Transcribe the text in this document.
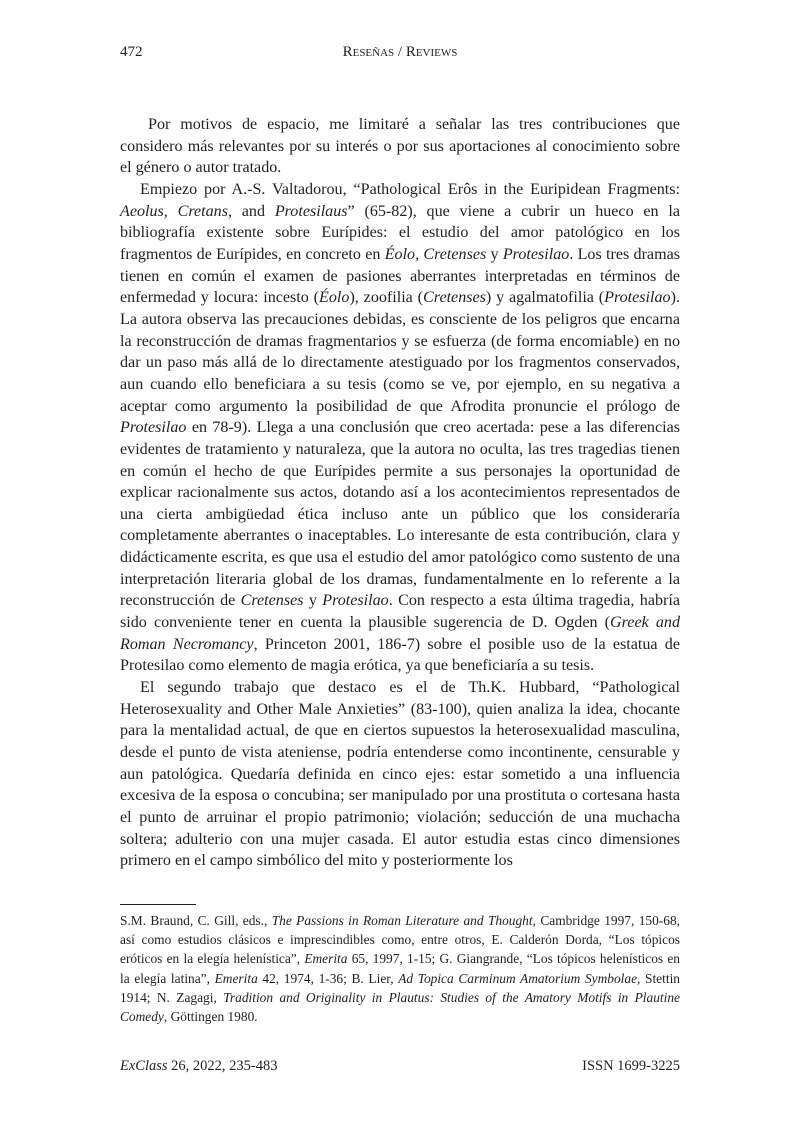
472	Reseñas / Reviews

Por motivos de espacio, me limitaré a señalar las tres contribuciones que considero más relevantes por su interés o por sus aportaciones al conocimiento sobre el género o autor tratado.

Empiezo por A.-S. Valtadorou, “Pathological Erôs in the Euripidean Fragments: Aeolus, Cretans, and Protesilaus” (65-82), que viene a cubrir un hueco en la bibliografía existente sobre Eurípides: el estudio del amor patológico en los fragmentos de Eurípides, en concreto en Éolo, Cretenses y Protesilao. Los tres dramas tienen en común el examen de pasiones aberrantes interpretadas en términos de enfermedad y locura: incesto (Éolo), zoofilia (Cretenses) y agalmatofilia (Protesilao). La autora observa las precauciones debidas, es consciente de los peligros que encarna la reconstrucción de dramas fragmentarios y se esfuerza (de forma encomiable) en no dar un paso más allá de lo directamente atestiguado por los fragmentos conservados, aun cuando ello beneficiara a su tesis (como se ve, por ejemplo, en su negativa a aceptar como argumento la posibilidad de que Afrodita pronuncie el prólogo de Protesilao en 78-9). Llega a una conclusión que creo acertada: pese a las diferencias evidentes de tratamiento y naturaleza, que la autora no oculta, las tres tragedias tienen en común el hecho de que Eurípides permite a sus personajes la oportunidad de explicar racionalmente sus actos, dotando así a los acontecimientos representados de una cierta ambigüedad ética incluso ante un público que los consideraría completamente aberrantes o inaceptables. Lo interesante de esta contribución, clara y didácticamente escrita, es que usa el estudio del amor patológico como sustento de una interpretación literaria global de los dramas, fundamentalmente en lo referente a la reconstrucción de Cretenses y Protesilao. Con respecto a esta última tragedia, habría sido conveniente tener en cuenta la plausible sugerencia de D. Ogden (Greek and Roman Necromancy, Princeton 2001, 186-7) sobre el posible uso de la estatua de Protesilao como elemento de magia erótica, ya que beneficiaría a su tesis.

El segundo trabajo que destaco es el de Th.K. Hubbard, “Pathological Heterosexuality and Other Male Anxieties” (83-100), quien analiza la idea, chocante para la mentalidad actual, de que en ciertos supuestos la heterosexualidad masculina, desde el punto de vista ateniense, podría entenderse como incontinente, censurable y aun patológica. Quedaría definida en cinco ejes: estar sometido a una influencia excesiva de la esposa o concubina; ser manipulado por una prostituta o cortesana hasta el punto de arruinar el propio patrimonio; violación; seducción de una muchacha soltera; adulterio con una mujer casada. El autor estudia estas cinco dimensiones primero en el campo simbólico del mito y posteriormente los

S.M. Braund, C. Gill, eds., The Passions in Roman Literature and Thought, Cambridge 1997, 150-68, así como estudios clásicos e imprescindibles como, entre otros, E. Calderón Dorda, “Los tópicos eróticos en la elegía helenística”, Emerita 65, 1997, 1-15; G. Giangrande, “Los tópicos helenísticos en la elegía latina”, Emerita 42, 1974, 1-36; B. Lier, Ad Topica Carminum Amatorium Symbolae, Stettin 1914; N. Zagagi, Tradition and Originality in Plautus: Studies of the Amatory Motifs in Plautine Comedy, Göttingen 1980.

ExClass 26, 2022, 235-483	ISSN 1699-3225
